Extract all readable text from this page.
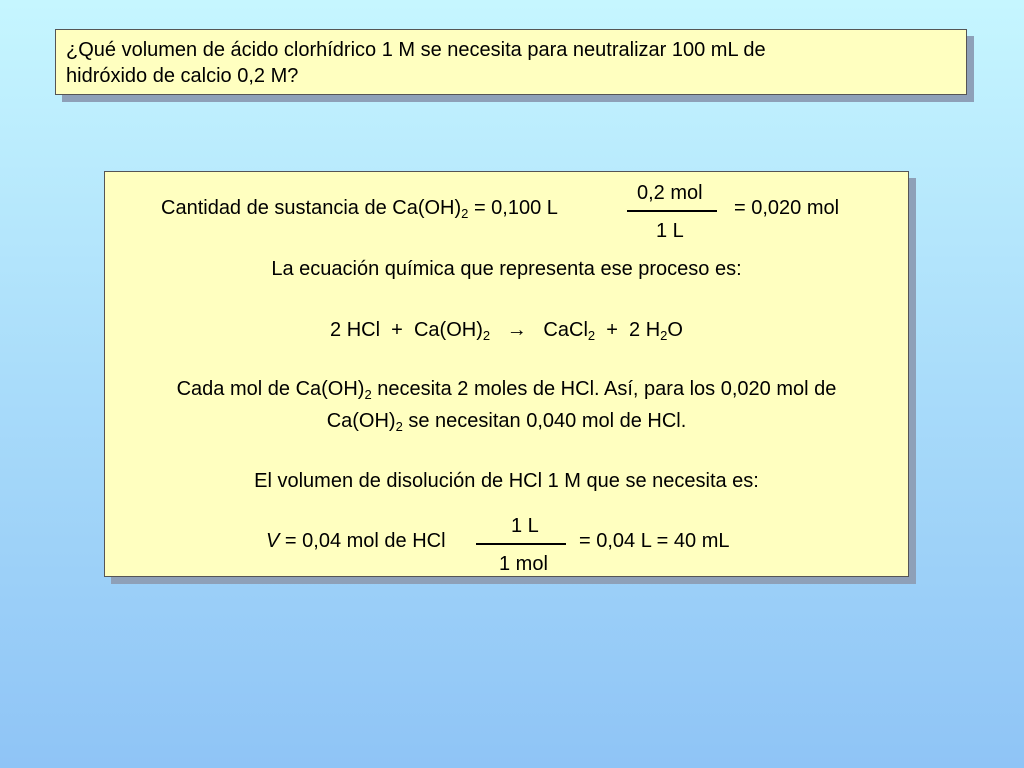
¿Qué volumen de ácido clorhídrico 1 M se necesita para neutralizar 100 mL de
hidróxido de calcio 0,2 M?
Cantidad de sustancia de $Ca(OH)_2 = 0,100$ L
0,2 mol
1 L
= 0,020 mol
La ecuación química que representa ese proceso es:
2 HCl  +  $Ca(OH)_2$   →   CaCl$_2$  +  2 $H_2O$
Cada mol de $Ca(OH)_2$ necesita 2 moles de HCl. Así, para los 0,020 mol de
$Ca(OH)_2$ se necesitan 0,040 mol de HCl.
El volumen de disolución de HCl 1 M que se necesita es:
V = 0,04 mol de HCl
1 L
1 mol
= 0,04 L = 40 mL
